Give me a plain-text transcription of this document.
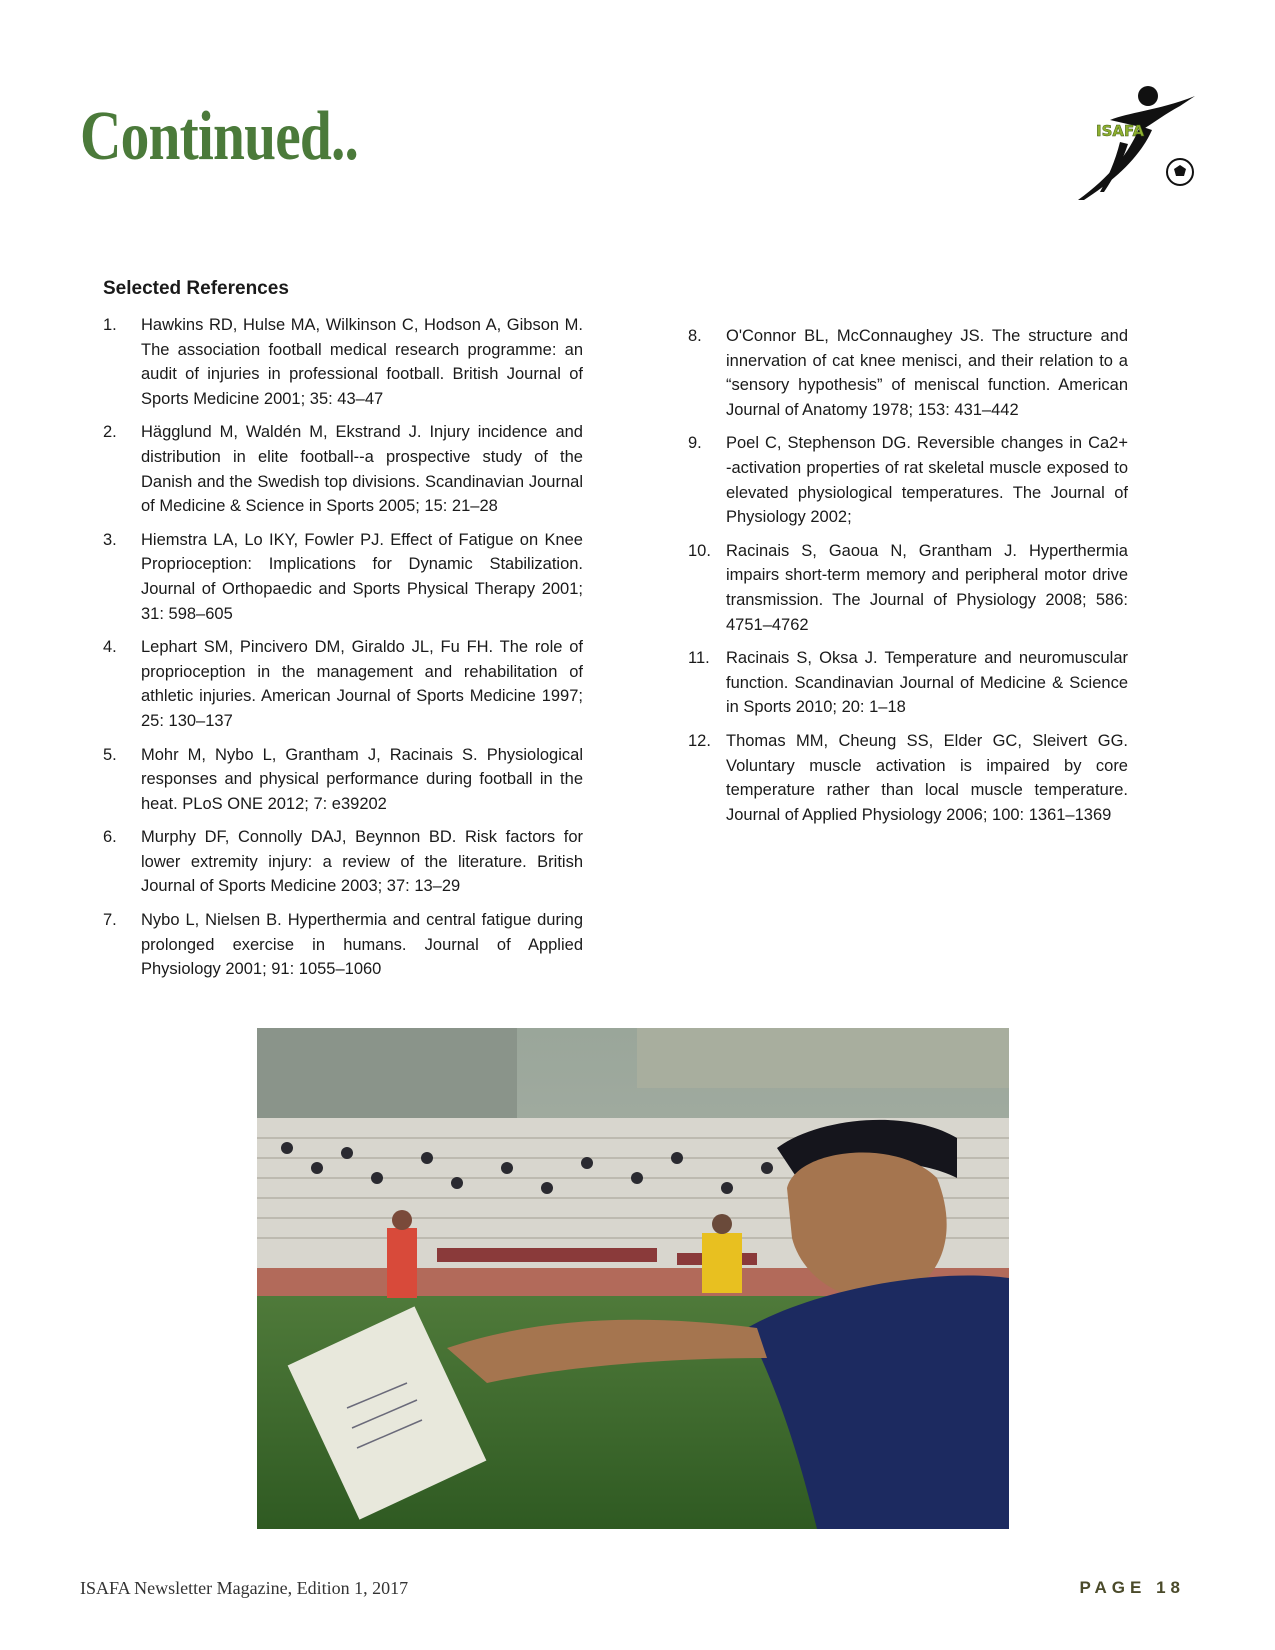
Continued..	ISAFA
Selected References
1.	Hawkins RD, Hulse MA, Wilkinson C, Hodson A, Gibson M. The association football medical research programme: an audit of injuries in professional football. British Journal of Sports Medicine 2001; 35: 43–47
2.	Hägglund M, Waldén M, Ekstrand J. Injury incidence and distribution in elite football--a prospective study of the Danish and the Swedish top divisions. Scandinavian Journal of Medicine & Science in Sports 2005; 15: 21–28
3.	Hiemstra LA, Lo IKY, Fowler PJ. Effect of Fatigue on Knee Proprioception: Implications for Dynamic Stabilization. Journal of Orthopaedic and Sports Physical Therapy 2001; 31: 598–605
4.	Lephart SM, Pincivero DM, Giraldo JL, Fu FH. The role of proprioception in the management and rehabilitation of athletic injuries. American Journal of Sports Medicine 1997; 25: 130–137
5.	Mohr M, Nybo L, Grantham J, Racinais S. Physiological responses and physical performance during football in the heat. PLoS ONE 2012; 7: e39202
6.	Murphy DF, Connolly DAJ, Beynnon BD. Risk factors for lower extremity injury: a review of the literature. British Journal of Sports Medicine 2003; 37: 13–29
7.	Nybo L, Nielsen B. Hyperthermia and central fatigue during prolonged exercise in humans. Journal of Applied Physiology 2001; 91: 1055–1060
8.	O'Connor BL, McConnaughey JS. The structure and innervation of cat knee menisci, and their relation to a “sensory hypothesis” of meniscal function. American Journal of Anatomy 1978; 153: 431–442
9.	Poel C, Stephenson DG. Reversible changes in Ca2+ -activation properties of rat skeletal muscle exposed to elevated physiological temperatures. The Journal of Physiology 2002;
10. Racinais S, Gaoua N, Grantham J. Hyperthermia impairs short-term memory and peripheral motor drive transmission. The Journal of Physiology 2008; 586: 4751–4762
11. Racinais S, Oksa J. Temperature and neuromuscular function. Scandinavian Journal of Medicine & Science in Sports 2010; 20: 1–18
12. Thomas MM, Cheung SS, Elder GC, Sleivert GG. Voluntary muscle activation is impaired by core temperature rather than local muscle temperature. Journal of Applied Physiology 2006; 100: 1361–1369
ISAFA Newsletter Magazine, Edition 1, 2017	PAGE 18
